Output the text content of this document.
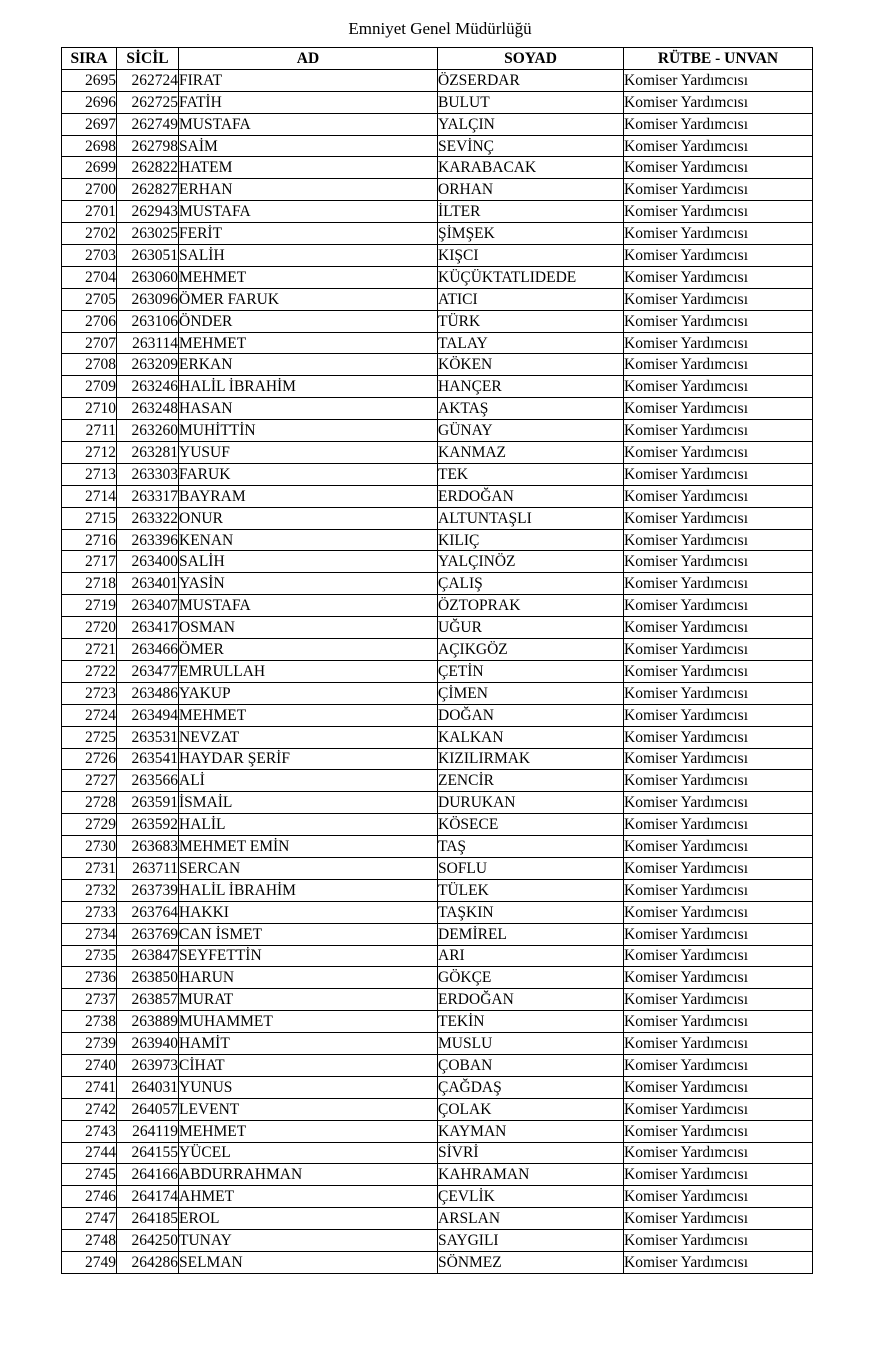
Emniyet Genel Müdürlüğü
SIRA	SİCİL	AD	SOYAD	RÜTBE - UNVAN
2695	262724	FIRAT	ÖZSERDAR	Komiser Yardımcısı
2696	262725	FATİH	BULUT	Komiser Yardımcısı
2697	262749	MUSTAFA	YALÇIN	Komiser Yardımcısı
2698	262798	SAİM	SEVİNÇ	Komiser Yardımcısı
2699	262822	HATEM	KARABACAK	Komiser Yardımcısı
2700	262827	ERHAN	ORHAN	Komiser Yardımcısı
2701	262943	MUSTAFA	İLTER	Komiser Yardımcısı
2702	263025	FERİT	ŞİMŞEK	Komiser Yardımcısı
2703	263051	SALİH	KIŞCI	Komiser Yardımcısı
2704	263060	MEHMET	KÜÇÜKTATLIDEDE	Komiser Yardımcısı
2705	263096	ÖMER FARUK	ATICI	Komiser Yardımcısı
2706	263106	ÖNDER	TÜRK	Komiser Yardımcısı
2707	263114	MEHMET	TALAY	Komiser Yardımcısı
2708	263209	ERKAN	KÖKEN	Komiser Yardımcısı
2709	263246	HALİL İBRAHİM	HANÇER	Komiser Yardımcısı
2710	263248	HASAN	AKTAŞ	Komiser Yardımcısı
2711	263260	MUHİTTİN	GÜNAY	Komiser Yardımcısı
2712	263281	YUSUF	KANMAZ	Komiser Yardımcısı
2713	263303	FARUK	TEK	Komiser Yardımcısı
2714	263317	BAYRAM	ERDOĞAN	Komiser Yardımcısı
2715	263322	ONUR	ALTUNTAŞLI	Komiser Yardımcısı
2716	263396	KENAN	KILIÇ	Komiser Yardımcısı
2717	263400	SALİH	YALÇINÖZ	Komiser Yardımcısı
2718	263401	YASİN	ÇALIŞ	Komiser Yardımcısı
2719	263407	MUSTAFA	ÖZTOPRAK	Komiser Yardımcısı
2720	263417	OSMAN	UĞUR	Komiser Yardımcısı
2721	263466	ÖMER	AÇIKGÖZ	Komiser Yardımcısı
2722	263477	EMRULLAH	ÇETİN	Komiser Yardımcısı
2723	263486	YAKUP	ÇİMEN	Komiser Yardımcısı
2724	263494	MEHMET	DOĞAN	Komiser Yardımcısı
2725	263531	NEVZAT	KALKAN	Komiser Yardımcısı
2726	263541	HAYDAR ŞERİF	KIZILIRMAK	Komiser Yardımcısı
2727	263566	ALİ	ZENCİR	Komiser Yardımcısı
2728	263591	İSMAİL	DURUKAN	Komiser Yardımcısı
2729	263592	HALİL	KÖSECE	Komiser Yardımcısı
2730	263683	MEHMET EMİN	TAŞ	Komiser Yardımcısı
2731	263711	SERCAN	SOFLU	Komiser Yardımcısı
2732	263739	HALİL İBRAHİM	TÜLEK	Komiser Yardımcısı
2733	263764	HAKKI	TAŞKIN	Komiser Yardımcısı
2734	263769	CAN İSMET	DEMİREL	Komiser Yardımcısı
2735	263847	SEYFETTİN	ARI	Komiser Yardımcısı
2736	263850	HARUN	GÖKÇE	Komiser Yardımcısı
2737	263857	MURAT	ERDOĞAN	Komiser Yardımcısı
2738	263889	MUHAMMET	TEKİN	Komiser Yardımcısı
2739	263940	HAMİT	MUSLU	Komiser Yardımcısı
2740	263973	CİHAT	ÇOBAN	Komiser Yardımcısı
2741	264031	YUNUS	ÇAĞDAŞ	Komiser Yardımcısı
2742	264057	LEVENT	ÇOLAK	Komiser Yardımcısı
2743	264119	MEHMET	KAYMAN	Komiser Yardımcısı
2744	264155	YÜCEL	SİVRİ	Komiser Yardımcısı
2745	264166	ABDURRAHMAN	KAHRAMAN	Komiser Yardımcısı
2746	264174	AHMET	ÇEVLİK	Komiser Yardımcısı
2747	264185	EROL	ARSLAN	Komiser Yardımcısı
2748	264250	TUNAY	SAYGILI	Komiser Yardımcısı
2749	264286	SELMAN	SÖNMEZ	Komiser Yardımcısı
